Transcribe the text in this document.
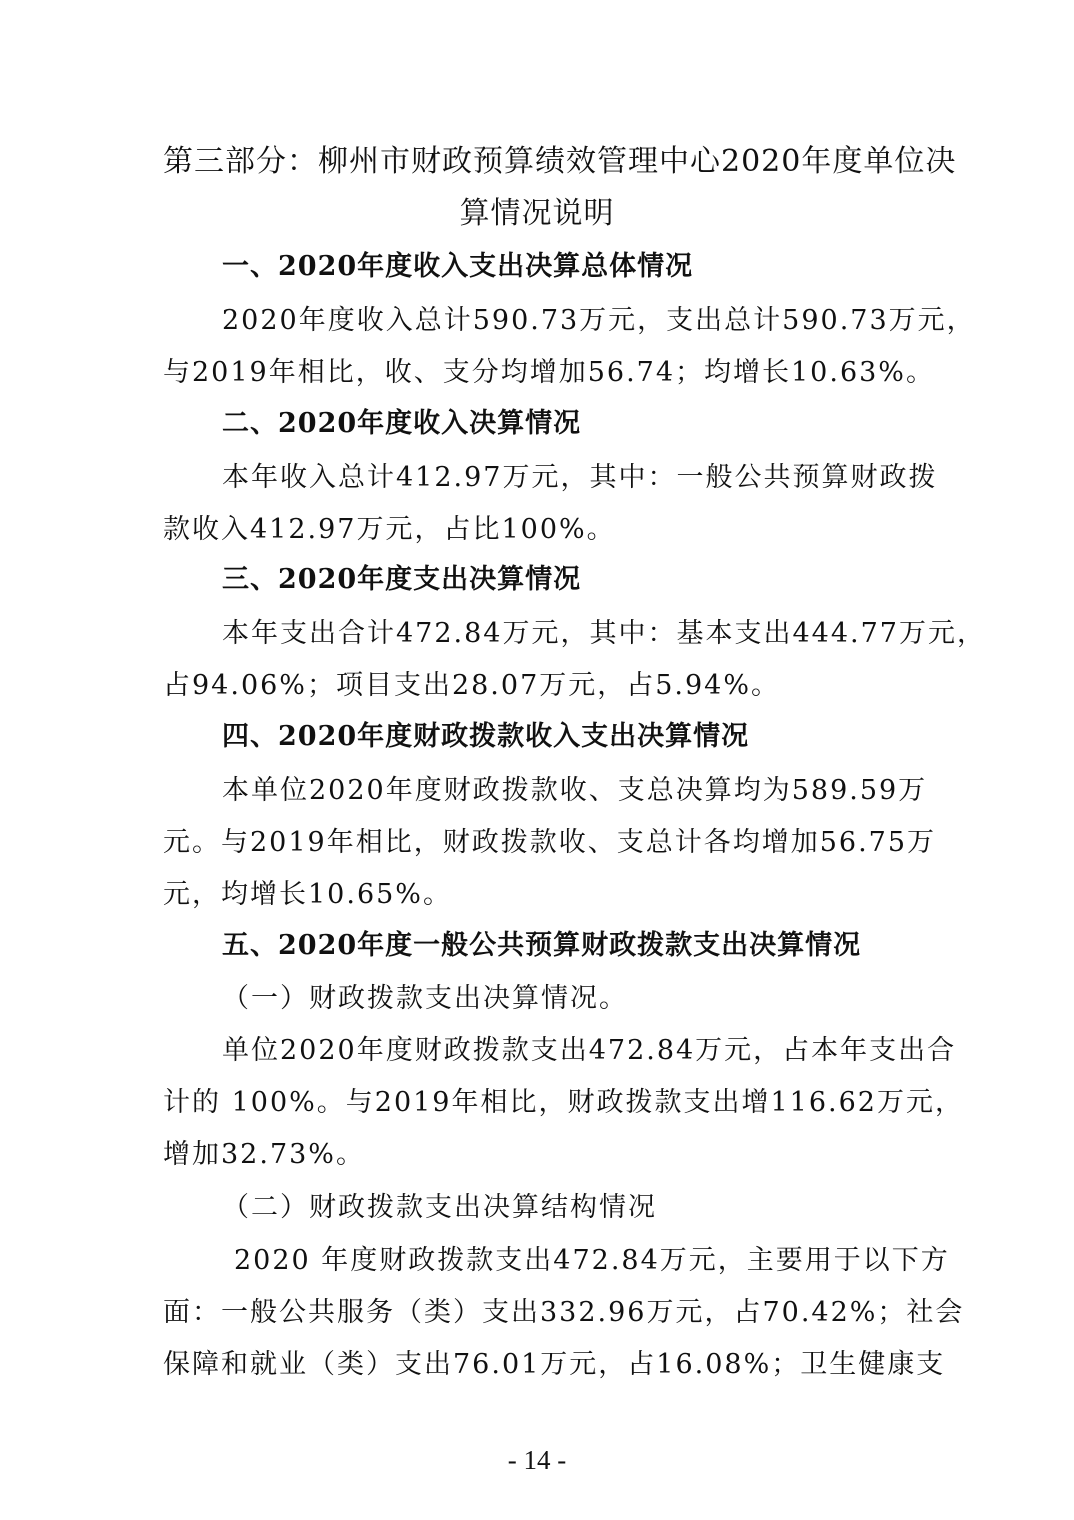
第三部分：柳州市财政预算绩效管理中心2020年度单位决
算情况说明
一、2020年度收入支出决算总体情况

2020年度收入总计590.73万元，支出总计590.73万元，

与2019年相比，收、支分均增加56.74；均增长10.63%。

二、2020年度收入决算情况

本年收入总计412.97万元，其中：一般公共预算财政拨

款收入412.97万元，占比100%。

三、2020年度支出决算情况

本年支出合计472.84万元，其中：基本支出444.77万元，

占94.06%；项目支出28.07万元，占5.94%。

四、2020年度财政拨款收入支出决算情况

本单位2020年度财政拨款收、支总决算均为589.59万

元。与2019年相比，财政拨款收、支总计各均增加56.75万

元，均增长10.65%。

五、2020年度一般公共预算财政拨款支出决算情况

（一）财政拨款支出决算情况。

单位2020年度财政拨款支出472.84万元，占本年支出合

计的 100%。与2019年相比，财政拨款支出增116.62万元，

增加32.73%。

（二）财政拨款支出决算结构情况

2020 年度财政拨款支出472.84万元，主要用于以下方

面：一般公共服务（类）支出332.96万元，占70.42%；社会

保障和就业（类）支出76.01万元，占16.08%；卫生健康支

- 14 -
